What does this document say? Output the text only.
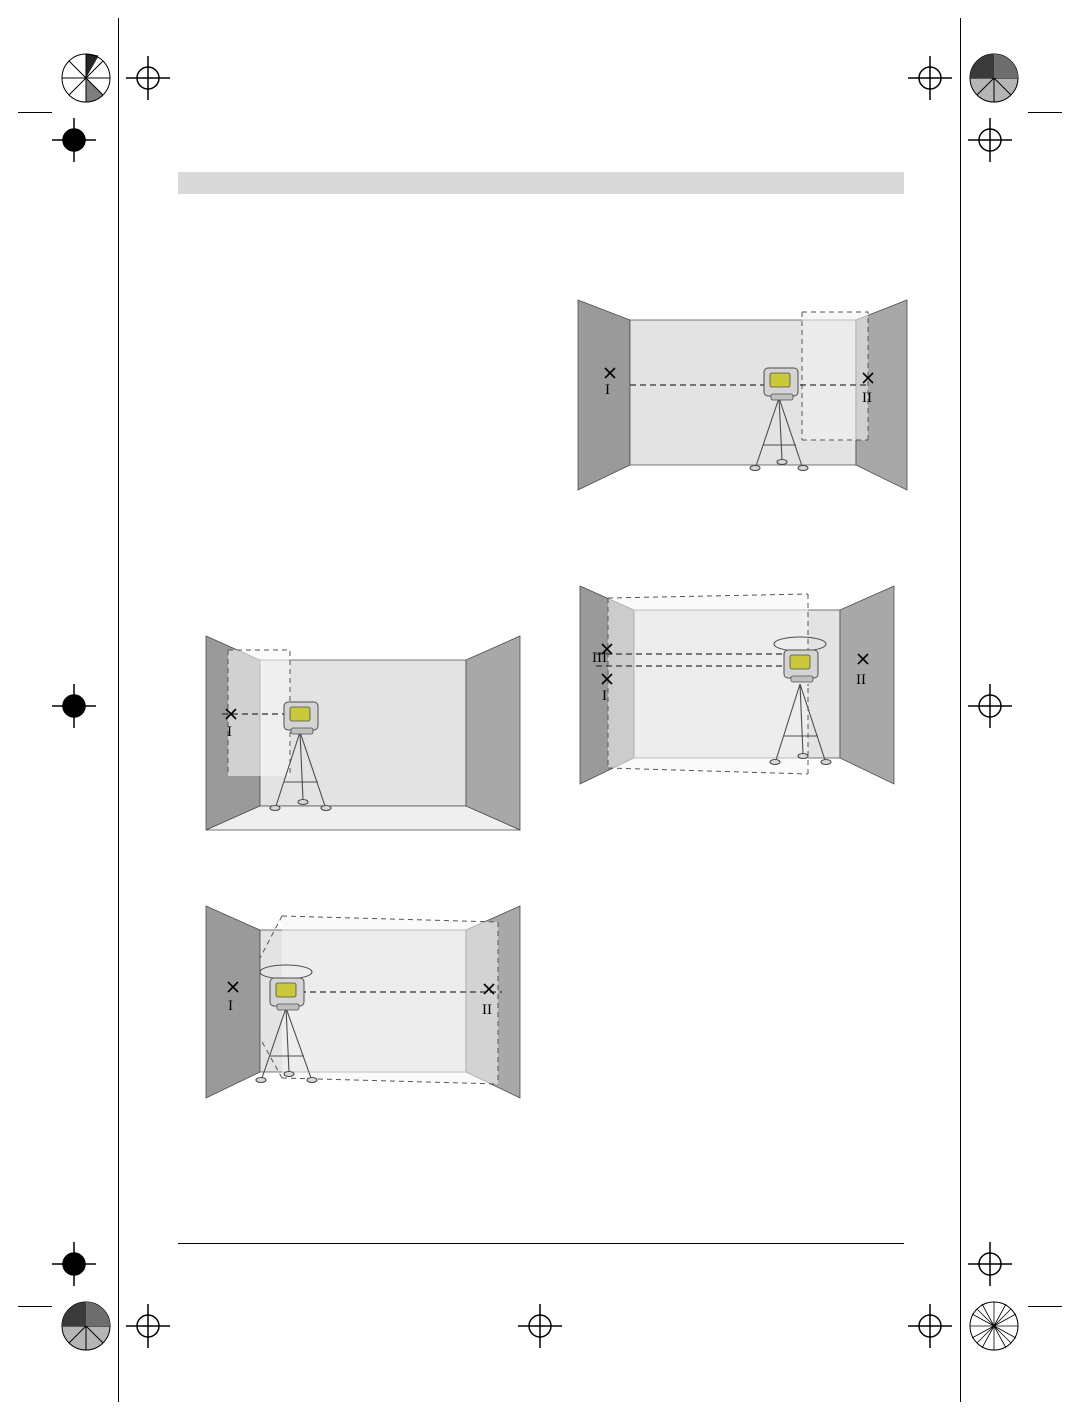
I	II
I
III
I
II
I	II
